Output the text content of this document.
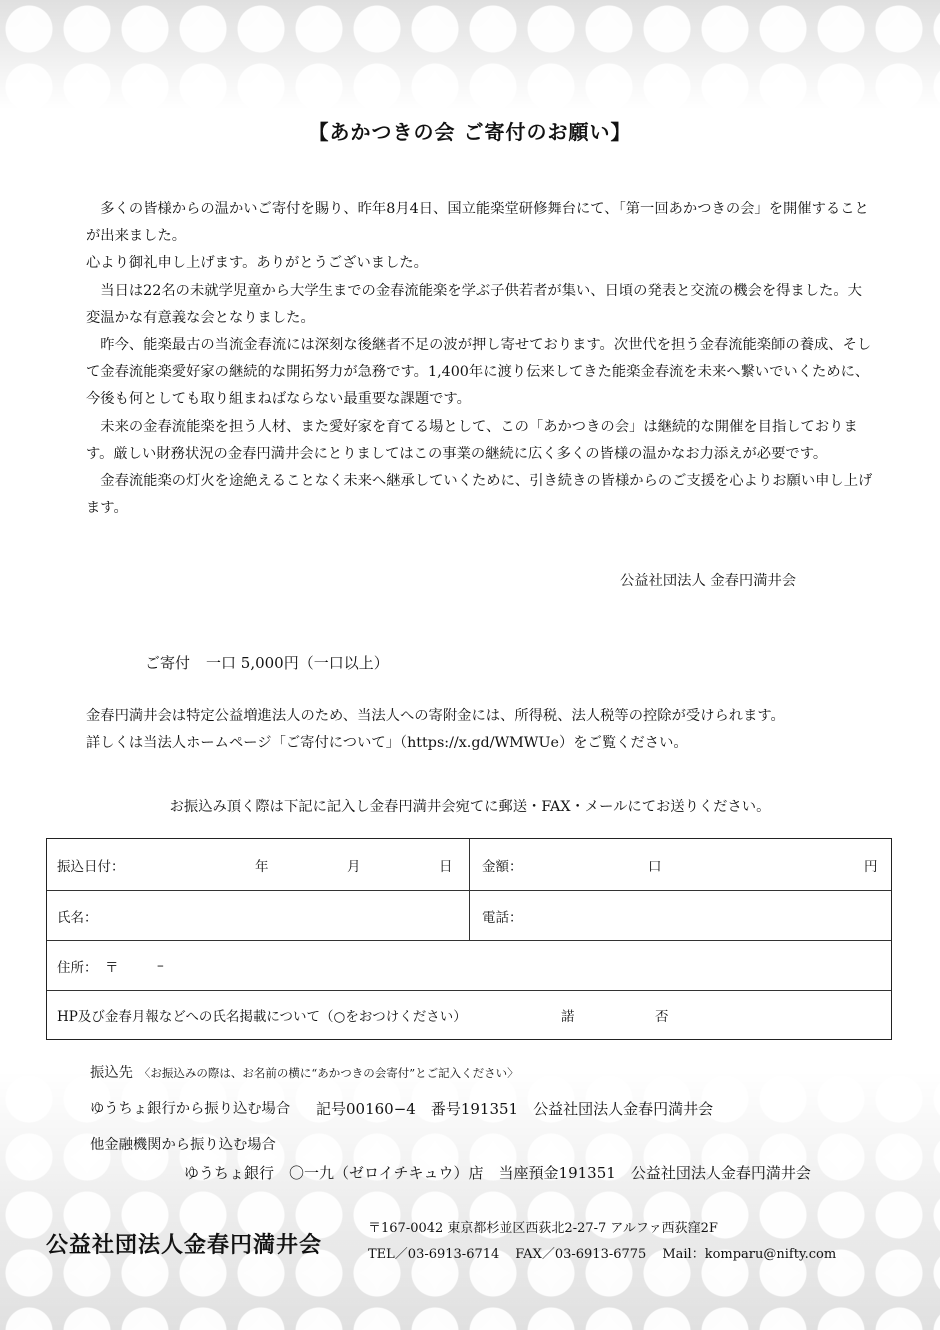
【あかつきの会 ご寄付のお願い】

多くの皆様からの温かいご寄付を賜り、昨年8月4日、国立能楽堂研修舞台にて、「第一回あかつきの会」を開催することが出来ました。

心より御礼申し上げます。ありがとうございました。

当日は22名の未就学児童から大学生までの金春流能楽を学ぶ子供若者が集い、日頃の発表と交流の機会を得ました。大変温かな有意義な会となりました。

昨今、能楽最古の当流金春流には深刻な後継者不足の波が押し寄せております。次世代を担う金春流能楽師の養成、そして金春流能楽愛好家の継続的な開拓努力が急務です。1,400年に渡り伝来してきた能楽金春流を未来へ繋いでいくために、今後も何としても取り組まねばならない最重要な課題です。

未来の金春流能楽を担う人材、また愛好家を育てる場として、この「あかつきの会」は継続的な開催を目指しております。厳しい財務状況の金春円満井会にとりましてはこの事業の継続に広く多くの皆様の温かなお力添えが必要です。

金春流能楽の灯火を途絶えることなく未来へ継承していくために、引き続きの皆様からのご支援を心よりお願い申し上げます。

公益社団法人 金春円満井会
ご寄付 一口 5,000円（一口以上）

金春円満井会は特定公益増進法人のため、当法人への寄附金には、所得税、法人税等の控除が受けられます。

詳しくは当法人ホームページ「ご寄付について」（https://x.gd/WMWUe）をご覧ください。

お振込み頂く際は下記に記入し金春円満井会宛てに郵送・FAX・メールにてお送りください。
振込日付：	年	月	日 金額：	口	円
氏名：	電話：
住所： 〒	–
HP及び金春月報などへの氏名掲載について（○をおつけください）	諾	否
振込先 〈お振込みの際は、お名前の横に“あかつきの会寄付”とご記入ください〉
ゆうちょ銀行から振り込む場合 記号00160−4　番号191351　公益社団法人金春円満井会
他金融機関から振り込む場合
ゆうちょ銀行　〇一九（ゼロイチキュウ）店　当座預金191351　公益社団法人金春円満井会
公益社団法人金春円満井会
〒167-0042 東京都杉並区西荻北2-27-7 アルファ西荻窪2F
TEL／03-6913-6714 FAX／03-6913-6775 Mail：komparu@nifty.com
